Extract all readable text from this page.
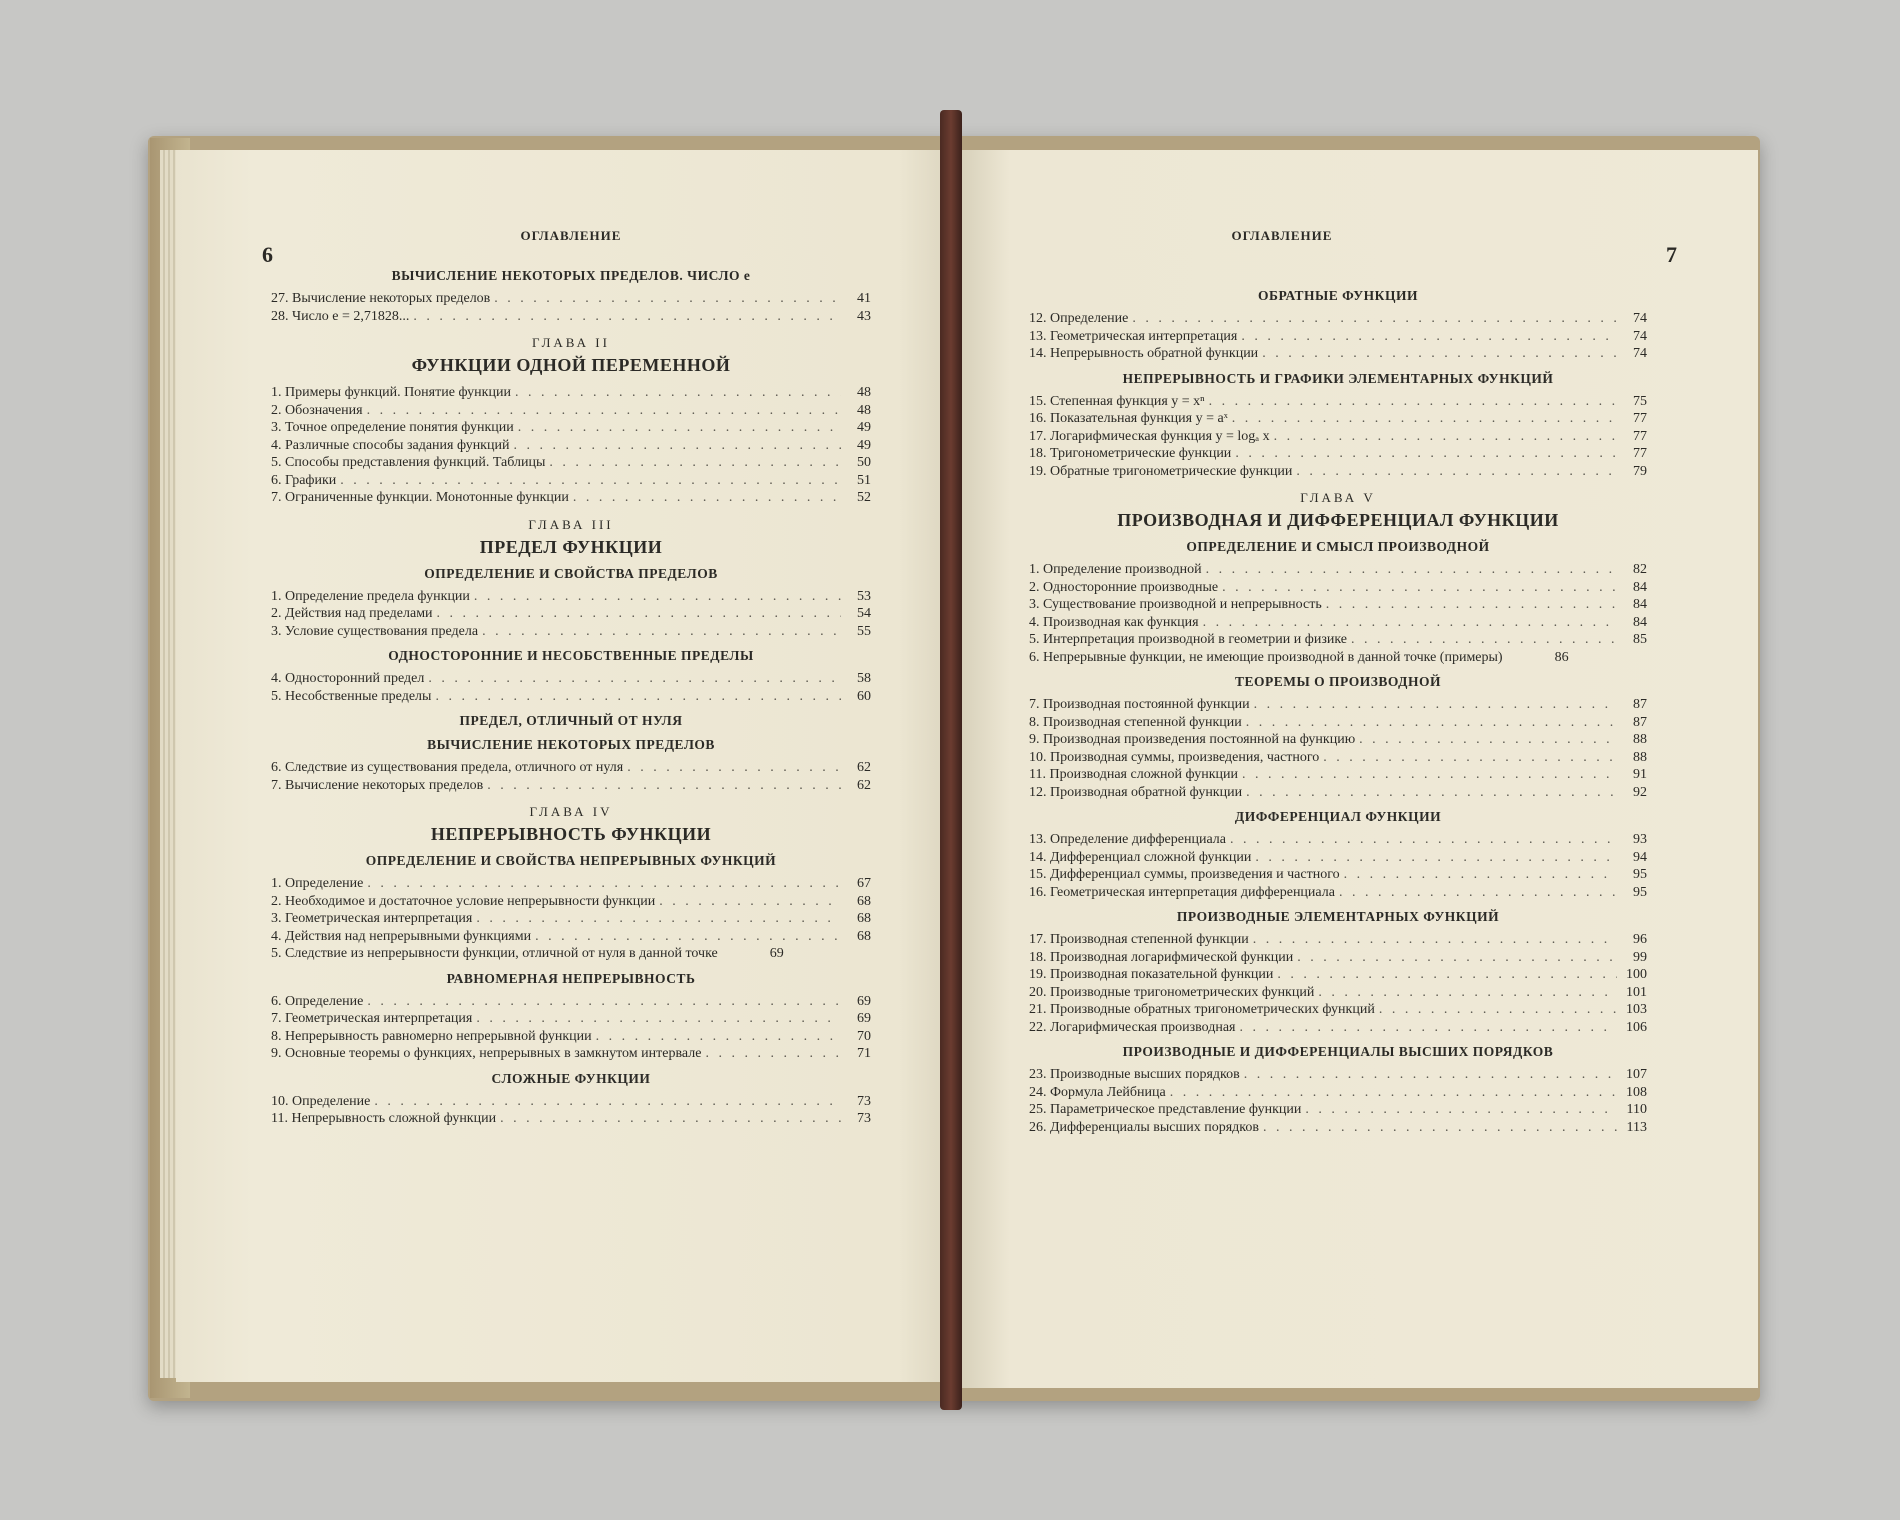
6
ОГЛАВЛЕНИЕ
ВЫЧИСЛЕНИЕ НЕКОТОРЫХ ПРЕДЕЛОВ. ЧИСЛО e
27. Вычисление некоторых пределов . . .	41
28. Число e = 2,71828... . . .	43
ГЛАВА II
ФУНКЦИИ ОДНОЙ ПЕРЕМЕННОЙ
1. Примеры функций. Понятие функции . . .	48
2. Обозначения . . .	48
3. Точное определение понятия функции . . .	49
4. Различные способы задания функций . . .	49
5. Способы представления функций. Таблицы . . .	50
6. Графики . . .	51
7. Ограниченные функции. Монотонные функции . . .	52
ГЛАВА III
ПРЕДЕЛ ФУНКЦИИ
ОПРЕДЕЛЕНИЕ И СВОЙСТВА ПРЕДЕЛОВ
1. Определение предела функции . . .	53
2. Действия над пределами . . .	54
3. Условие существования предела . . .	55
ОДНОСТОРОННИЕ И НЕСОБСТВЕННЫЕ ПРЕДЕЛЫ
4. Односторонний предел . . .	58
5. Несобственные пределы . . .	60
ПРЕДЕЛ, ОТЛИЧНЫЙ ОТ НУЛЯ
ВЫЧИСЛЕНИЕ НЕКОТОРЫХ ПРЕДЕЛОВ
6. Следствие из существования предела, отличного от нуля . . .	62
7. Вычисление некоторых пределов . . .	62
ГЛАВА IV
НЕПРЕРЫВНОСТЬ ФУНКЦИИ
ОПРЕДЕЛЕНИЕ И СВОЙСТВА НЕПРЕРЫВНЫХ ФУНКЦИЙ
1. Определение . . .	67
2. Необходимое и достаточное условие непрерывности функции . . .	68
3. Геометрическая интерпретация . . .	68
4. Действия над непрерывными функциями . . .	68
5. Следствие из непрерывности функции, отличной от нуля в данной точке	69
РАВНОМЕРНАЯ НЕПРЕРЫВНОСТЬ
6. Определение . . .	69
7. Геометрическая интерпретация . . .	69
8. Непрерывность равномерно непрерывной функции . . .	70
9. Основные теоремы о функциях, непрерывных в замкнутом интервале . . .	71
СЛОЖНЫЕ ФУНКЦИИ
10. Определение . . .	73
11. Непрерывность сложной функции . . .	73
ОГЛАВЛЕНИЕ
7
ОБРАТНЫЕ ФУНКЦИИ
12. Определение . . .	74
13. Геометрическая интерпретация . . .	74
14. Непрерывность обратной функции . . .	74
НЕПРЕРЫВНОСТЬ И ГРАФИКИ ЭЛЕМЕНТАРНЫХ ФУНКЦИЙ
15. Степенная функция y = xⁿ . . .	75
16. Показательная функция y = aˣ . . .	77
17. Логарифмическая функция y = logₐ x . . .	77
18. Тригонометрические функции . . .	77
19. Обратные тригонометрические функции . . .	79
ГЛАВА V
ПРОИЗВОДНАЯ И ДИФФЕРЕНЦИАЛ ФУНКЦИИ
ОПРЕДЕЛЕНИЕ И СМЫСЛ ПРОИЗВОДНОЙ
1. Определение производной . . .	82
2. Односторонние производные . . .	84
3. Существование производной и непрерывность . . .	84
4. Производная как функция . . .	84
5. Интерпретация производной в геометрии и физике . . .	85
6. Непрерывные функции, не имеющие производной в данной точке (примеры)	86
ТЕОРЕМЫ О ПРОИЗВОДНОЙ
7. Производная постоянной функции . . .	87
8. Производная степенной функции . . .	87
9. Производная произведения постоянной на функцию . . .	88
10. Производная суммы, произведения, частного . . .	88
11. Производная сложной функции . . .	91
12. Производная обратной функции . . .	92
ДИФФЕРЕНЦИАЛ ФУНКЦИИ
13. Определение дифференциала . . .	93
14. Дифференциал сложной функции . . .	94
15. Дифференциал суммы, произведения и частного . . .	95
16. Геометрическая интерпретация дифференциала . . .	95
ПРОИЗВОДНЫЕ ЭЛЕМЕНТАРНЫХ ФУНКЦИЙ
17. Производная степенной функции . . .	96
18. Производная логарифмической функции . . .	99
19. Производная показательной функции . . .	100
20. Производные тригонометрических функций . . .	101
21. Производные обратных тригонометрических функций . . .	103
22. Логарифмическая производная . . .	106
ПРОИЗВОДНЫЕ И ДИФФЕРЕНЦИАЛЫ ВЫСШИХ ПОРЯДКОВ
23. Производные высших порядков . . .	107
24. Формула Лейбница . . .	108
25. Параметрическое представление функции . . .	110
26. Дифференциалы высших порядков . . .	113
